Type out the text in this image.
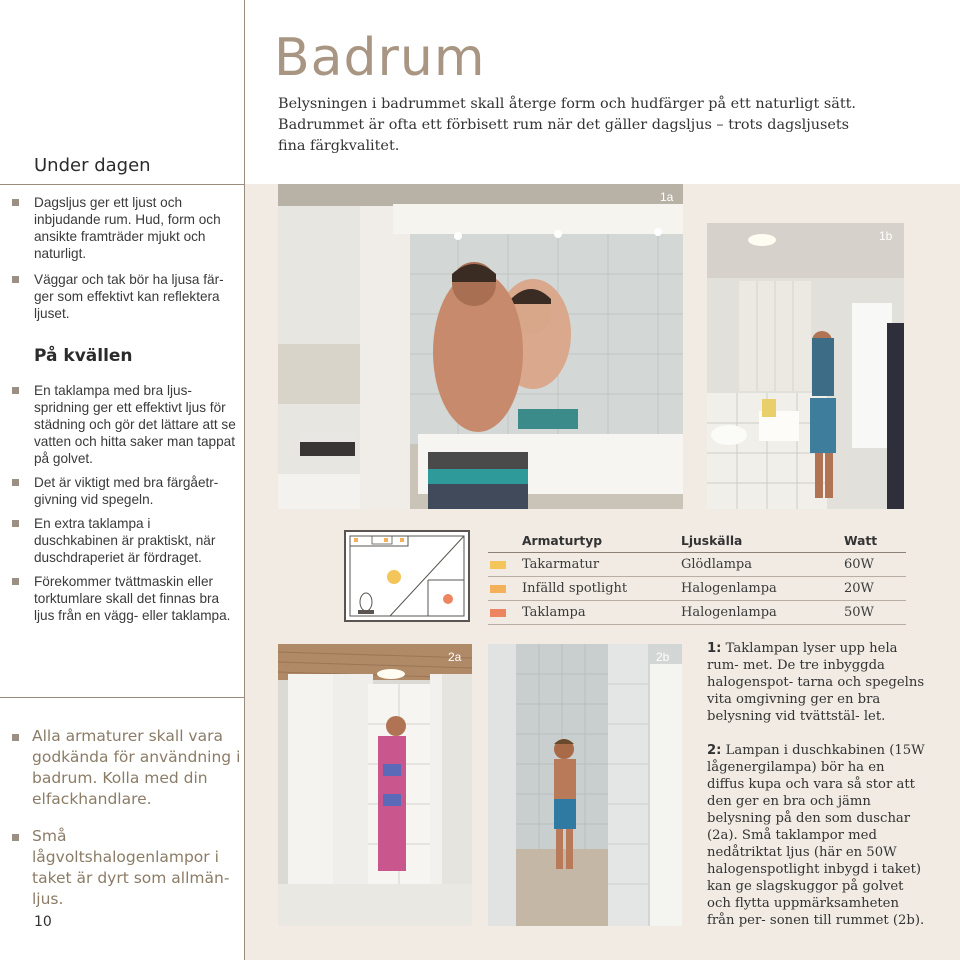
Under dagen
Dagsljus ger ett ljust och inbjudande rum. Hud, form och ansikte framträder mjukt och naturligt.
Väggar och tak bör ha ljusa fär- ger som effektivt kan reflektera ljuset.
På kvällen
En taklampa med bra ljus- spridning ger ett effektivt ljus för städning och gör det lättare att se vatten och hitta saker man tappat på golvet.
Det är viktigt med bra färgåetr- givning vid spegeln.
En extra taklampa i duschkabinen är praktiskt, när duschdraperiet är fördraget.
Förekommer tvättmaskin eller torktumlare skall det finnas bra ljus från en vägg- eller taklampa.
Alla armaturer skall vara godkända för användning i badrum. Kolla med din elfackhandlare.
Små lågvoltshalogenlampor i taket är dyrt som allmän- ljus.
10
Badrum
Belysningen i badrummet skall återge form och hudfärger på ett naturligt sätt. Badrummet är ofta ett förbisett rum när det gäller dagsljus – trots dagsljusets fina färgkvalitet.
1a
1b
Armaturtyp	Ljuskälla	Watt
Takarmatur	Glödlampa	60W
Infälld spotlight	Halogenlampa	20W
Taklampa	Halogenlampa	50W
2a	2b

1: Taklampan lyser upp hela rum- met. De tre inbyggda halogenspot- tarna och spegelns vita omgivning ger en bra belysning vid tvättstäl- let.

2: Lampan i duschkabinen (15W lågenergilampa) bör ha en diffus kupa och vara så stor att den ger en bra och jämn belysning på den som duschar (2a). Små taklampor med nedåtriktat ljus (här en 50W halogenspotlight inbygd i taket) kan ge slagskuggor på golvet och flytta uppmärksamheten från per- sonen till rummet (2b).
